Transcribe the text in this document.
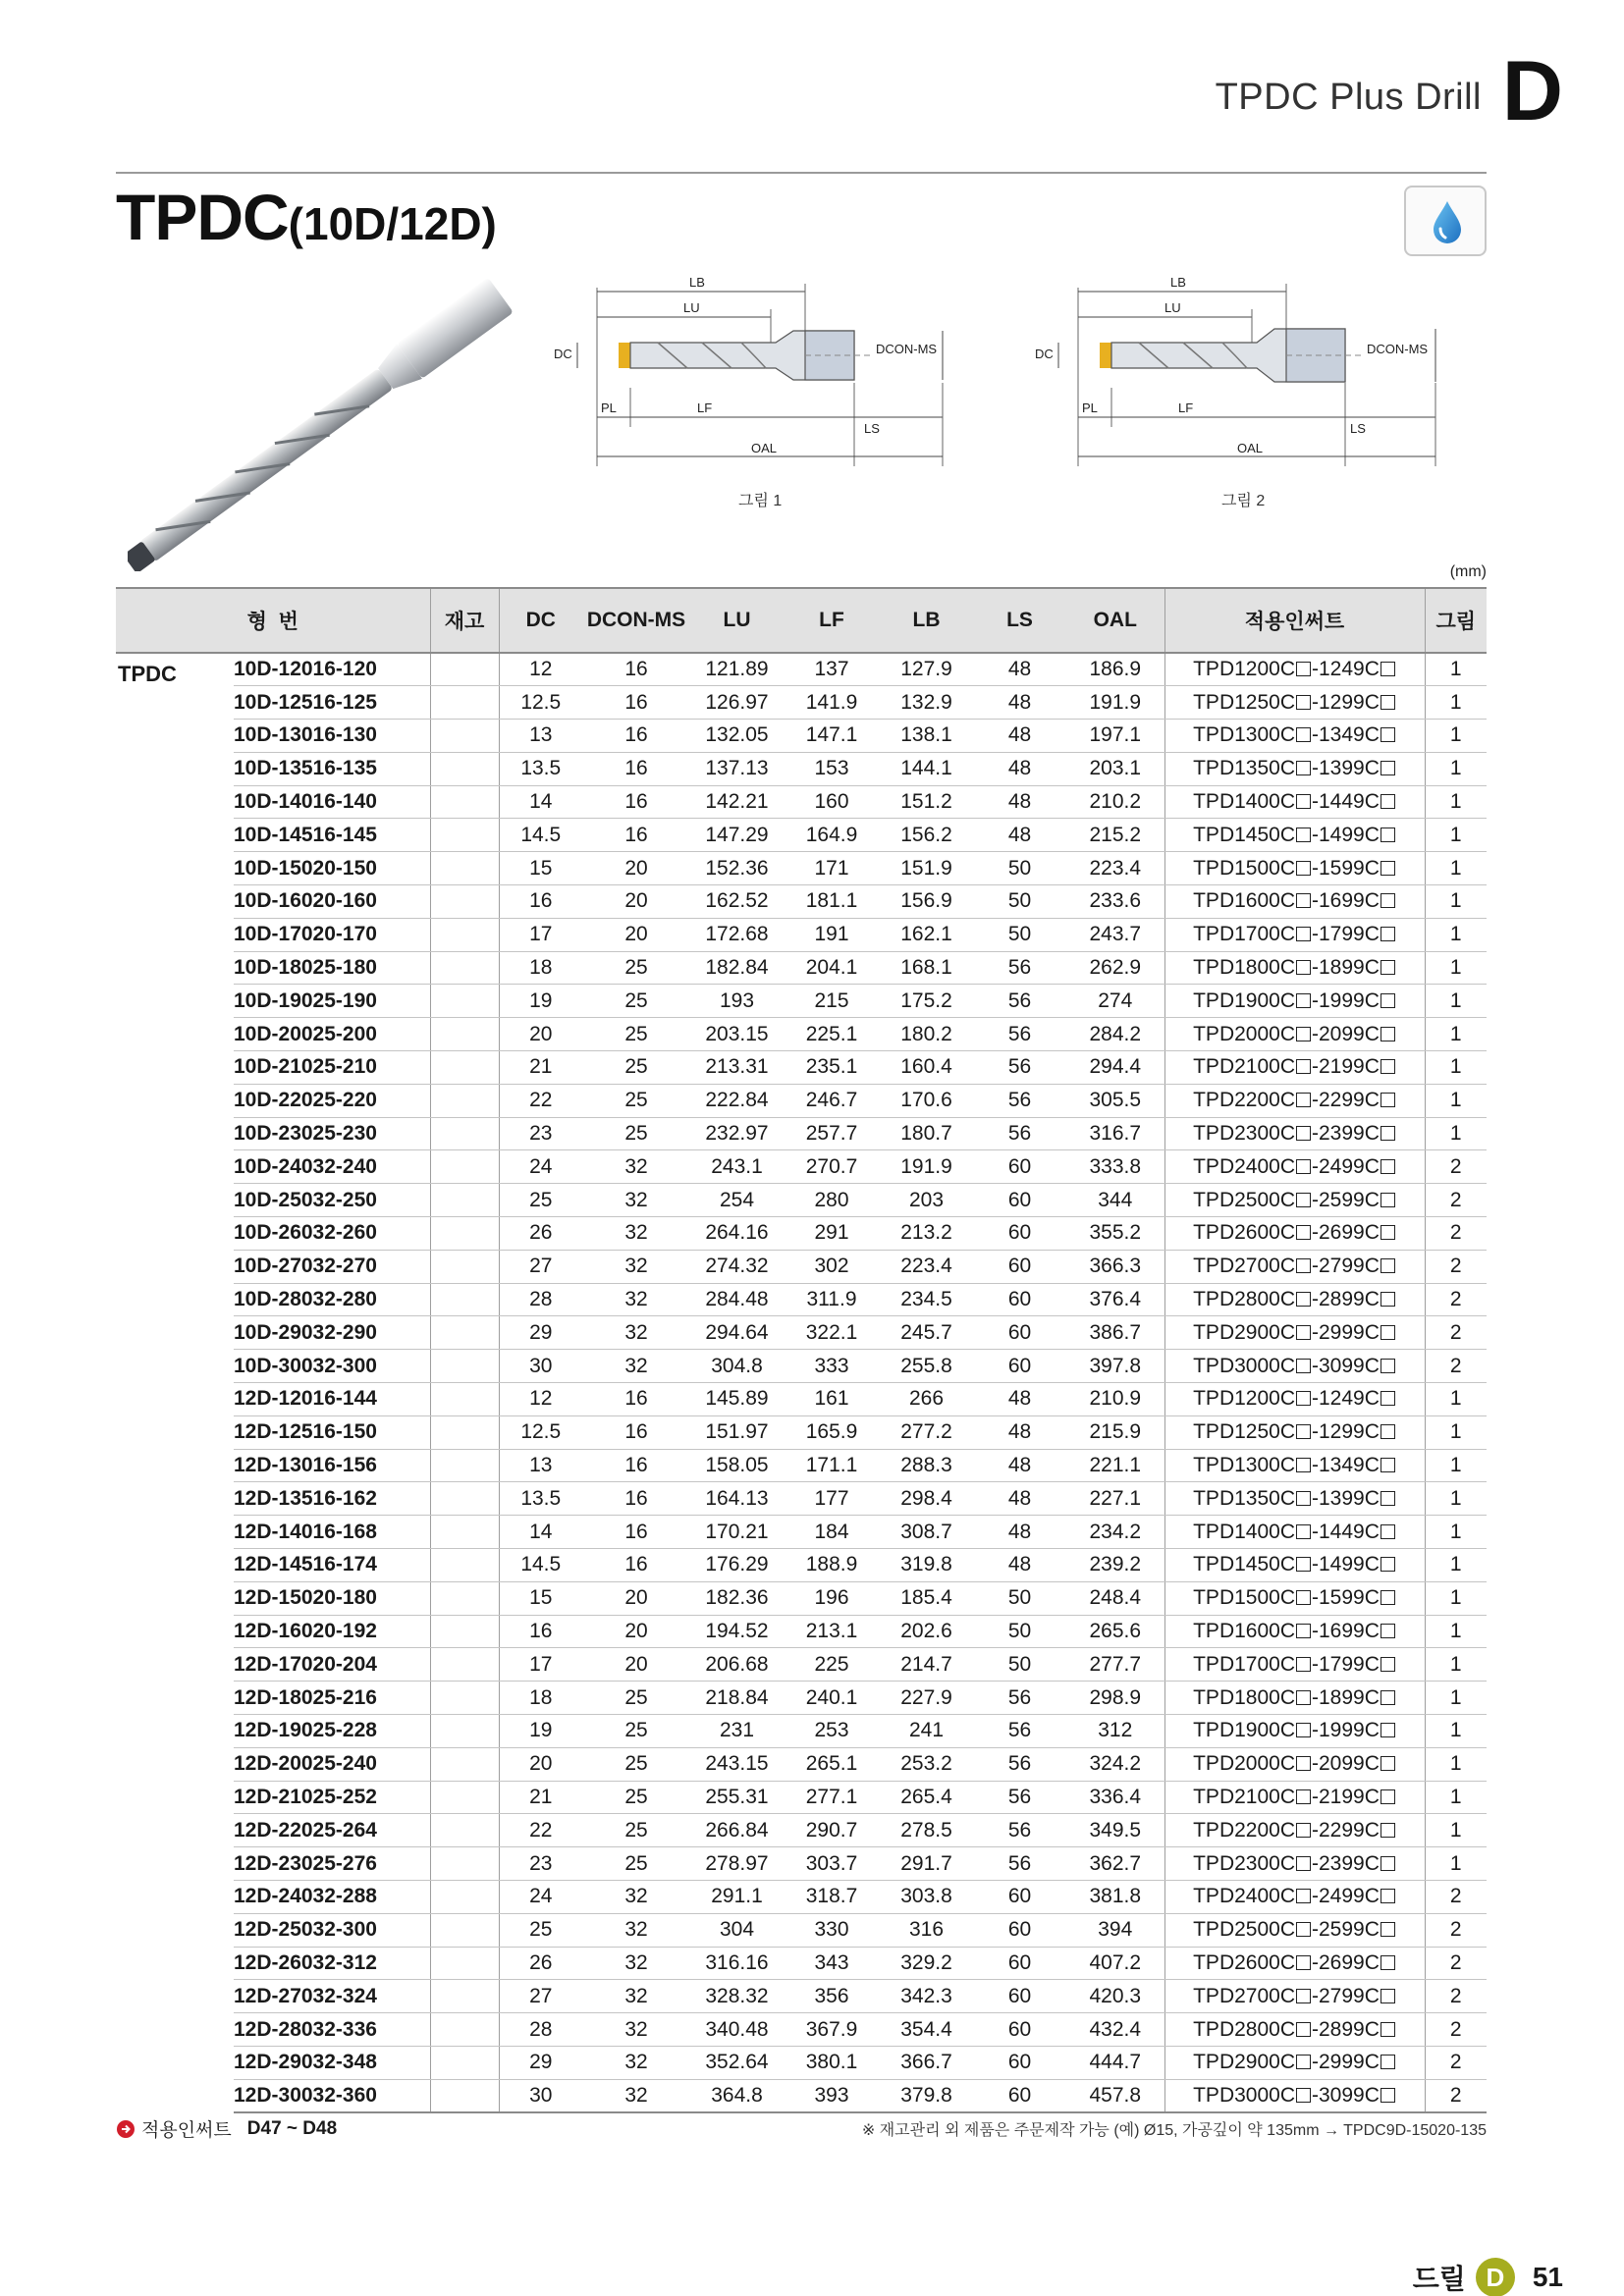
TPDC Plus Drill D
TPDC(10D/12D)
LB
LU
DC	DCON-MS
PL	LF
LS
OAL
그림 1
LB
LU
DC	DCON-MS
PL	LF
LS
OAL
그림 2
(mm)
형  번		재고	DC	DCON-MS	LU	LF	LB	LS	OAL	적용인써트	그림
TPDC	10D-12016-120		12	16	121.89	137	127.9	48	186.9	TPD1200C -1249C	1
	10D-12516-125		12.5	16	126.97	141.9	132.9	48	191.9	TPD1250C -1299C	1
	10D-13016-130		13	16	132.05	147.1	138.1	48	197.1	TPD1300C -1349C	1
	10D-13516-135		13.5	16	137.13	153	144.1	48	203.1	TPD1350C -1399C	1
	10D-14016-140		14	16	142.21	160	151.2	48	210.2	TPD1400C -1449C	1
	10D-14516-145		14.5	16	147.29	164.9	156.2	48	215.2	TPD1450C -1499C	1
	10D-15020-150		15	20	152.36	171	151.9	50	223.4	TPD1500C -1599C	1
	10D-16020-160		16	20	162.52	181.1	156.9	50	233.6	TPD1600C -1699C	1
	10D-17020-170		17	20	172.68	191	162.1	50	243.7	TPD1700C -1799C	1
	10D-18025-180		18	25	182.84	204.1	168.1	56	262.9	TPD1800C -1899C	1
	10D-19025-190		19	25	193	215	175.2	56	274	TPD1900C -1999C	1
	10D-20025-200		20	25	203.15	225.1	180.2	56	284.2	TPD2000C -2099C	1
	10D-21025-210		21	25	213.31	235.1	160.4	56	294.4	TPD2100C -2199C	1
	10D-22025-220		22	25	222.84	246.7	170.6	56	305.5	TPD2200C -2299C	1
	10D-23025-230		23	25	232.97	257.7	180.7	56	316.7	TPD2300C -2399C	1
	10D-24032-240		24	32	243.1	270.7	191.9	60	333.8	TPD2400C -2499C	2
	10D-25032-250		25	32	254	280	203	60	344	TPD2500C -2599C	2
	10D-26032-260		26	32	264.16	291	213.2	60	355.2	TPD2600C -2699C	2
	10D-27032-270		27	32	274.32	302	223.4	60	366.3	TPD2700C -2799C	2
	10D-28032-280		28	32	284.48	311.9	234.5	60	376.4	TPD2800C -2899C	2
	10D-29032-290		29	32	294.64	322.1	245.7	60	386.7	TPD2900C -2999C	2
	10D-30032-300		30	32	304.8	333	255.8	60	397.8	TPD3000C -3099C	2
	12D-12016-144		12	16	145.89	161	266	48	210.9	TPD1200C -1249C	1
	12D-12516-150		12.5	16	151.97	165.9	277.2	48	215.9	TPD1250C -1299C	1
	12D-13016-156		13	16	158.05	171.1	288.3	48	221.1	TPD1300C -1349C	1
	12D-13516-162		13.5	16	164.13	177	298.4	48	227.1	TPD1350C -1399C	1
	12D-14016-168		14	16	170.21	184	308.7	48	234.2	TPD1400C -1449C	1
	12D-14516-174		14.5	16	176.29	188.9	319.8	48	239.2	TPD1450C -1499C	1
	12D-15020-180		15	20	182.36	196	185.4	50	248.4	TPD1500C -1599C	1
	12D-16020-192		16	20	194.52	213.1	202.6	50	265.6	TPD1600C -1699C	1
	12D-17020-204		17	20	206.68	225	214.7	50	277.7	TPD1700C -1799C	1
	12D-18025-216		18	25	218.84	240.1	227.9	56	298.9	TPD1800C -1899C	1
	12D-19025-228		19	25	231	253	241	56	312	TPD1900C -1999C	1
	12D-20025-240		20	25	243.15	265.1	253.2	56	324.2	TPD2000C -2099C	1
	12D-21025-252		21	25	255.31	277.1	265.4	56	336.4	TPD2100C -2199C	1
	12D-22025-264		22	25	266.84	290.7	278.5	56	349.5	TPD2200C -2299C	1
	12D-23025-276		23	25	278.97	303.7	291.7	56	362.7	TPD2300C -2399C	1
	12D-24032-288		24	32	291.1	318.7	303.8	60	381.8	TPD2400C -2499C	2
	12D-25032-300		25	32	304	330	316	60	394	TPD2500C -2599C	2
	12D-26032-312		26	32	316.16	343	329.2	60	407.2	TPD2600C -2699C	2
	12D-27032-324		27	32	328.32	356	342.3	60	420.3	TPD2700C -2799C	2
	12D-28032-336		28	32	340.48	367.9	354.4	60	432.4	TPD2800C -2899C	2
	12D-29032-348		29	32	352.64	380.1	366.7	60	444.7	TPD2900C -2999C	2
	12D-30032-360		30	32	364.8	393	379.8	60	457.8	TPD3000C -3099C	2
적용인써트 D47 ~ D48	※ 재고관리 외 제품은 주문제작 가능 (예) Ø15, 가공깊이 약 135mm → TPDC9D-15020-135
드릴 D	51
